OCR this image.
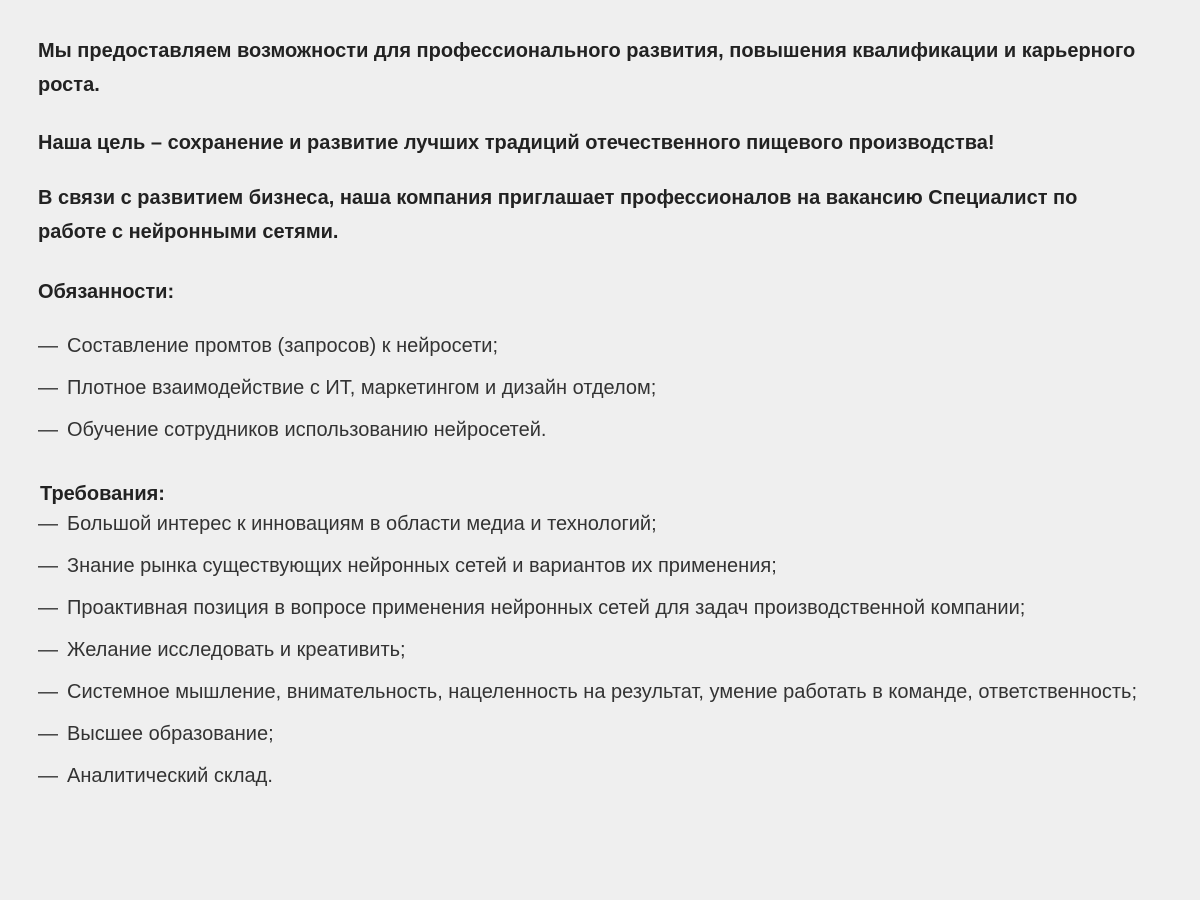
Мы предоставляем возможности для профессионального развития, повышения квалификации и карьерного роста.

Наша цель – сохранение и развитие лучших традиций отечественного пищевого производства!

В связи с развитием бизнеса, наша компания приглашает профессионалов на вакансию Специалист по работе с нейронными сетями.

Обязанности:

— Составление промтов (запросов) к нейросети;
— Плотное взаимодействие с ИТ, маркетингом и дизайн отделом;
— Обучение сотрудников использованию нейросетей.

Требования:

— Большой интерес к инновациям в области медиа и технологий;
— Знание рынка существующих нейронных сетей и вариантов их применения;
— Проактивная позиция в вопросе применения нейронных сетей для задач производственной компании;
— Желание исследовать и креативить;
— Системное мышление, внимательность, нацеленность на результат, умение работать в команде, ответственность;
— Высшее образование;
— Аналитический склад.
